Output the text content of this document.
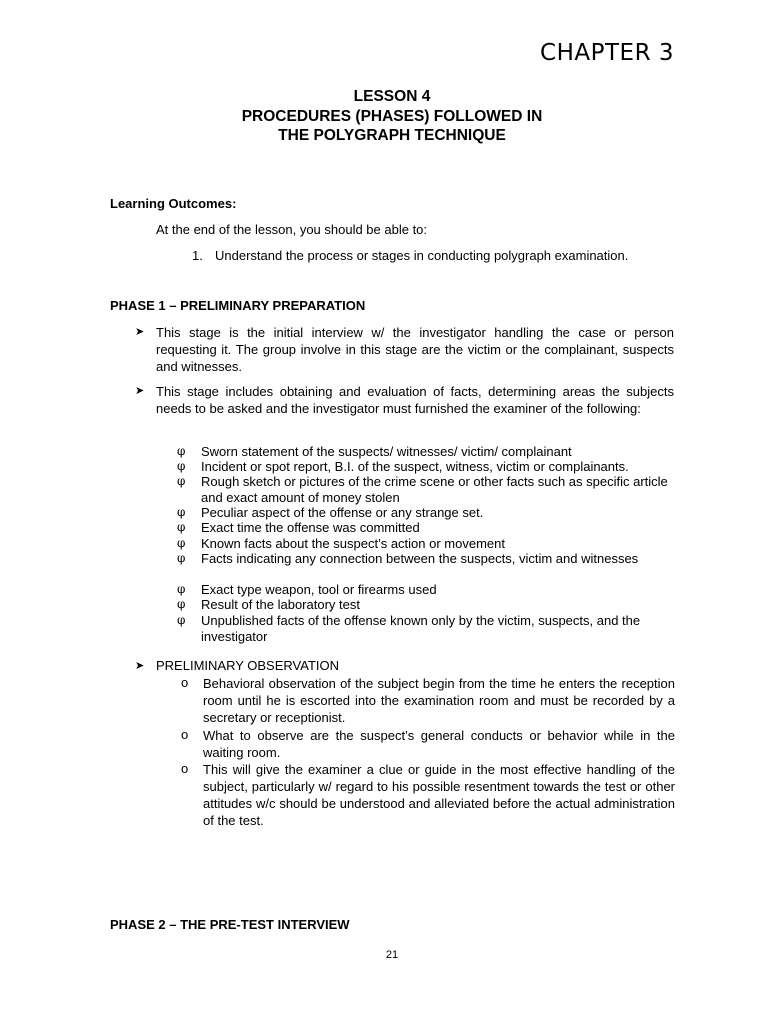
CHAPTER 3
LESSON 4
PROCEDURES (PHASES) FOLLOWED IN
THE POLYGRAPH TECHNIQUE
Learning Outcomes:
At the end of the lesson, you should be able to:
1. Understand the process or stages in conducting polygraph examination.
PHASE 1 – PRELIMINARY PREPARATION
➤ This stage is the initial interview w/ the investigator handling the case or person requesting it. The group involve in this stage are the victim or the complainant, suspects and witnesses.
➤ This stage includes obtaining and evaluation of facts, determining areas the subjects needs to be asked and the investigator must furnished the examiner of the following:
φ Sworn statement of the suspects/ witnesses/ victim/ complainant
φ Incident or spot report, B.I. of the suspect, witness, victim or complainants.
φ Rough sketch or pictures of the crime scene or other facts such as specific article and exact amount of money stolen
φ Peculiar aspect of the offense or any strange set.
φ Exact time the offense was committed
φ Known facts about the suspect’s action or movement
φ Facts indicating any connection between the suspects, victim and witnesses
φ Exact type weapon, tool or firearms used
φ Result of the laboratory test
φ Unpublished facts of the offense known only by the victim, suspects, and the investigator
➤ PRELIMINARY OBSERVATION
o Behavioral observation of the subject begin from the time he enters the reception room until he is escorted into the examination room and must be recorded by a secretary or receptionist.
o What to observe are the suspect’s general conducts or behavior while in the waiting room.
o This will give the examiner a clue or guide in the most effective handling of the subject, particularly w/ regard to his possible resentment towards the test or other attitudes w/c should be understood and alleviated before the actual administration of the test.
PHASE 2 – THE PRE-TEST INTERVIEW
21
